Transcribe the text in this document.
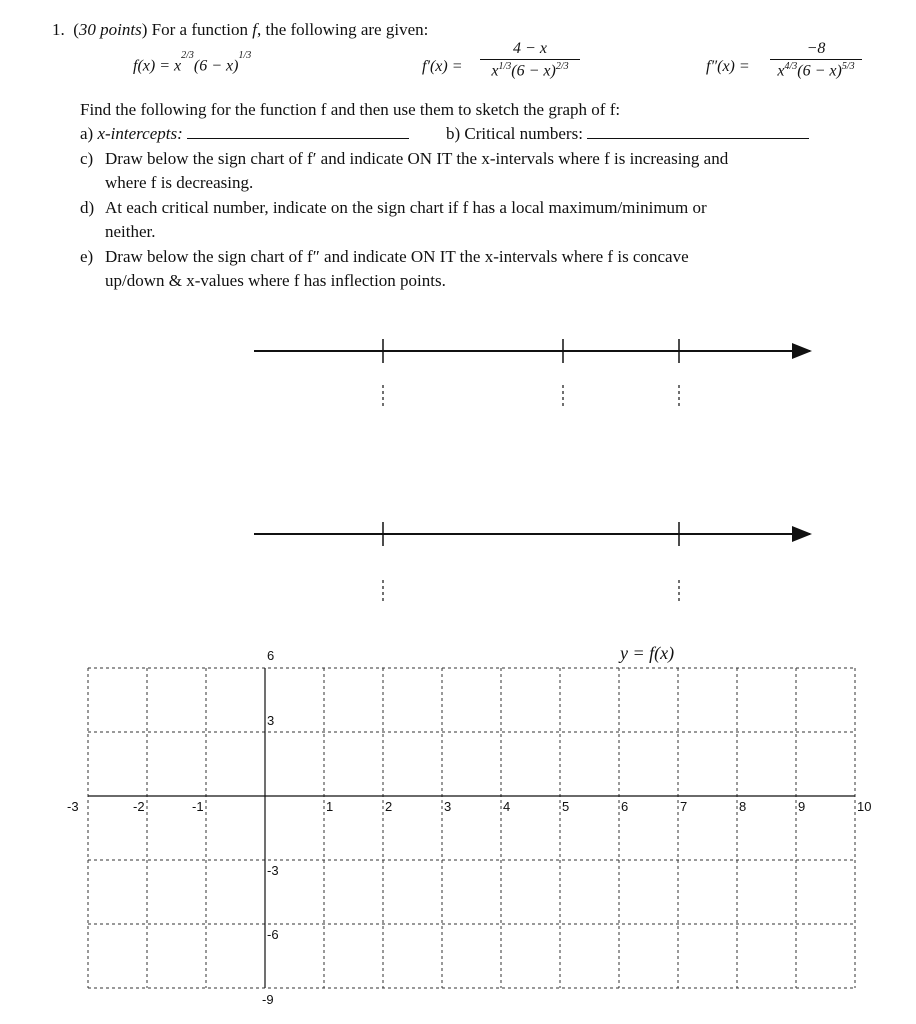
1.  (30 points) For a function f, the following are given:
$f(x) = x^{2/3}(6 - x)^{1/3}$
f′(x) =
4 − x
$x^{1/3}(6 - x)^{2/3}$	f″(x) =
−8
$x^{4/3}(6 - x)^{5/3}$
Find the following for the function f and then use them to sketch the graph of f:
a) x-intercepts:	b) Critical numbers:
c) Draw below the sign chart of f′ and indicate ON IT the x-intervals where f is increasing and
where f is decreasing.
d) At each critical number, indicate on the sign chart if f has a local maximum/minimum or
neither.
e) Draw below the sign chart of f″ and indicate ON IT the x-intervals where f is concave
up/down & x-values where f has inflection points.
y = f(x)
-3	-2	-1	1	2	3	4	5	6	7	8	9	10
6
3
-3
-6
-9
